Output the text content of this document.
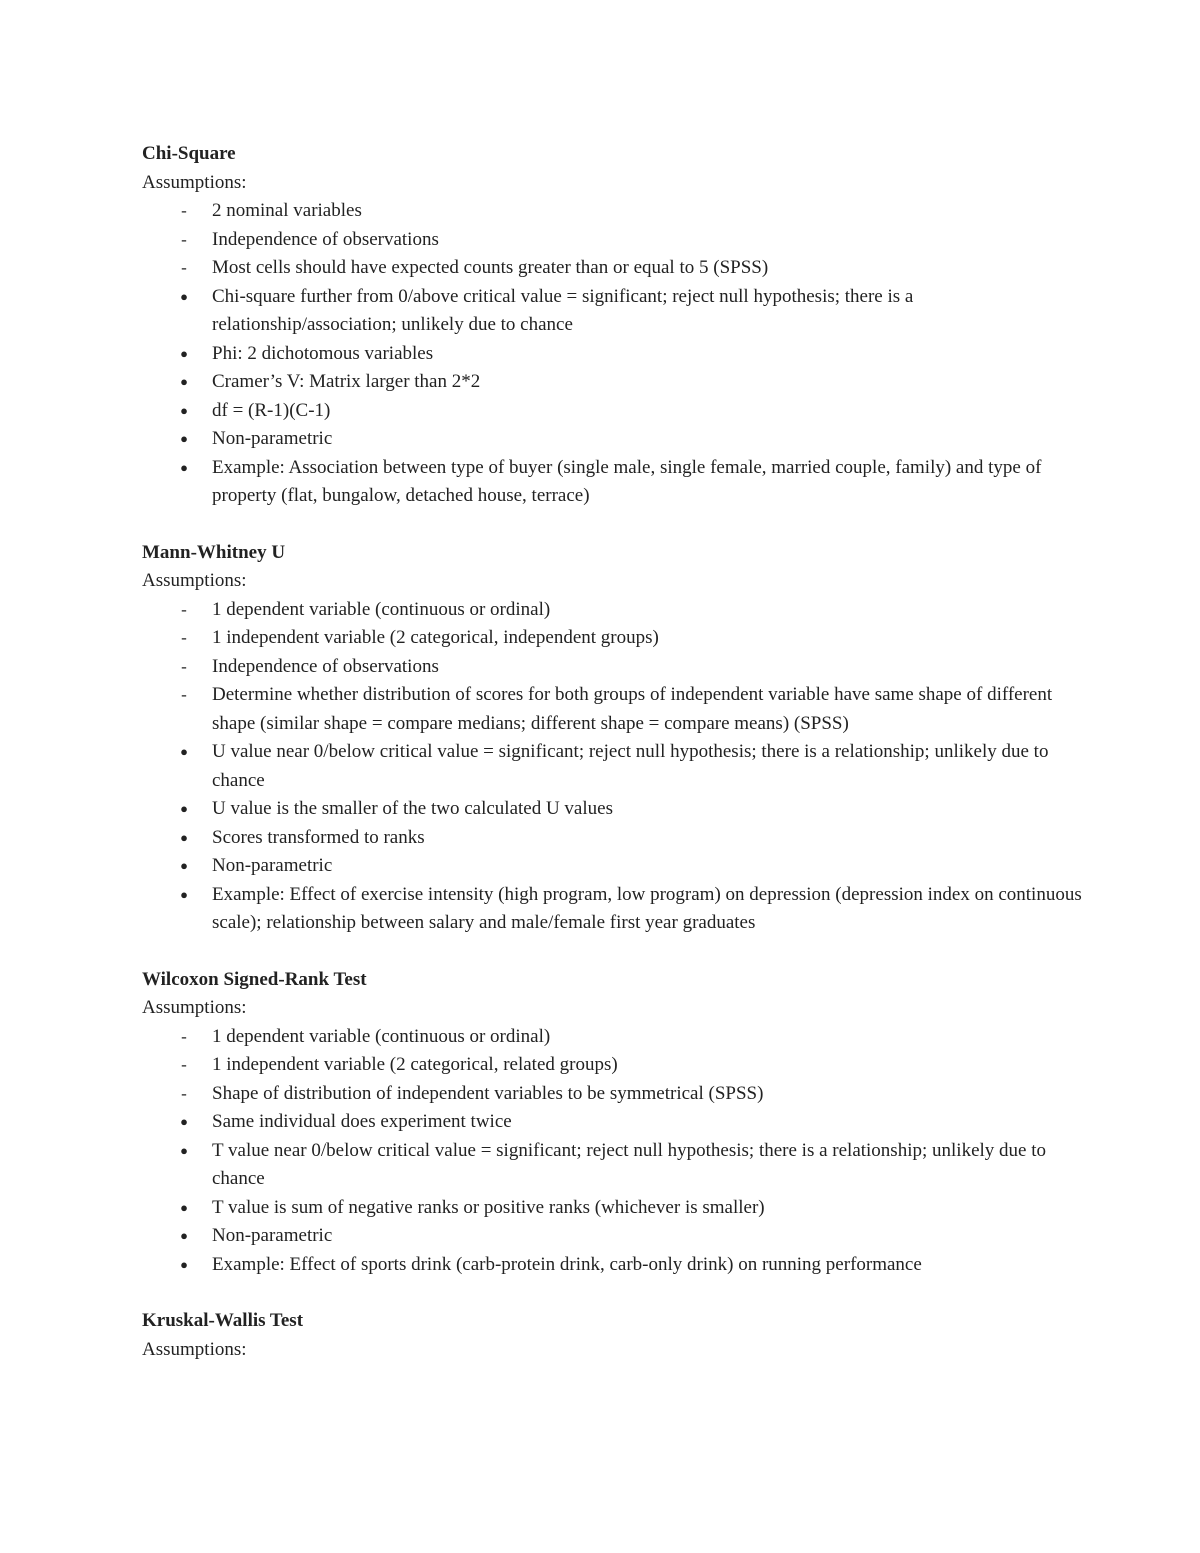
Chi-Square
Assumptions:
-	2 nominal variables
-	Independence of observations
-	Most cells should have expected counts greater than or equal to 5 (SPSS)
●	Chi-square further from 0/above critical value = significant; reject null hypothesis; there is a relationship/association; unlikely due to chance
●	Phi: 2 dichotomous variables
●	Cramer’s V: Matrix larger than 2*2
●	df = (R-1)(C-1)
●	Non-parametric
●	Example: Association between type of buyer (single male, single female, married couple, family) and type of property (flat, bungalow, detached house, terrace)
Mann-Whitney U
Assumptions:
-	1 dependent variable (continuous or ordinal)
-	1 independent variable (2 categorical, independent groups)
-	Independence of observations
-	Determine whether distribution of scores for both groups of independent variable have same shape of different shape (similar shape = compare medians; different shape = compare means) (SPSS)
●	U value near 0/below critical value = significant; reject null hypothesis; there is a relationship; unlikely due to chance
●	U value is the smaller of the two calculated U values
●	Scores transformed to ranks
●	Non-parametric
●	Example: Effect of exercise intensity (high program, low program) on depression (depression index on continuous scale); relationship between salary and male/female first year graduates
Wilcoxon Signed-Rank Test
Assumptions:
-	1 dependent variable (continuous or ordinal)
-	1 independent variable (2 categorical, related groups)
-	Shape of distribution of independent variables to be symmetrical (SPSS)
●	Same individual does experiment twice
●	T value near 0/below critical value = significant; reject null hypothesis; there is a relationship; unlikely due to chance
●	T value is sum of negative ranks or positive ranks (whichever is smaller)
●	Non-parametric
●	Example: Effect of sports drink (carb-protein drink, carb-only drink) on running performance
Kruskal-Wallis Test
Assumptions:
